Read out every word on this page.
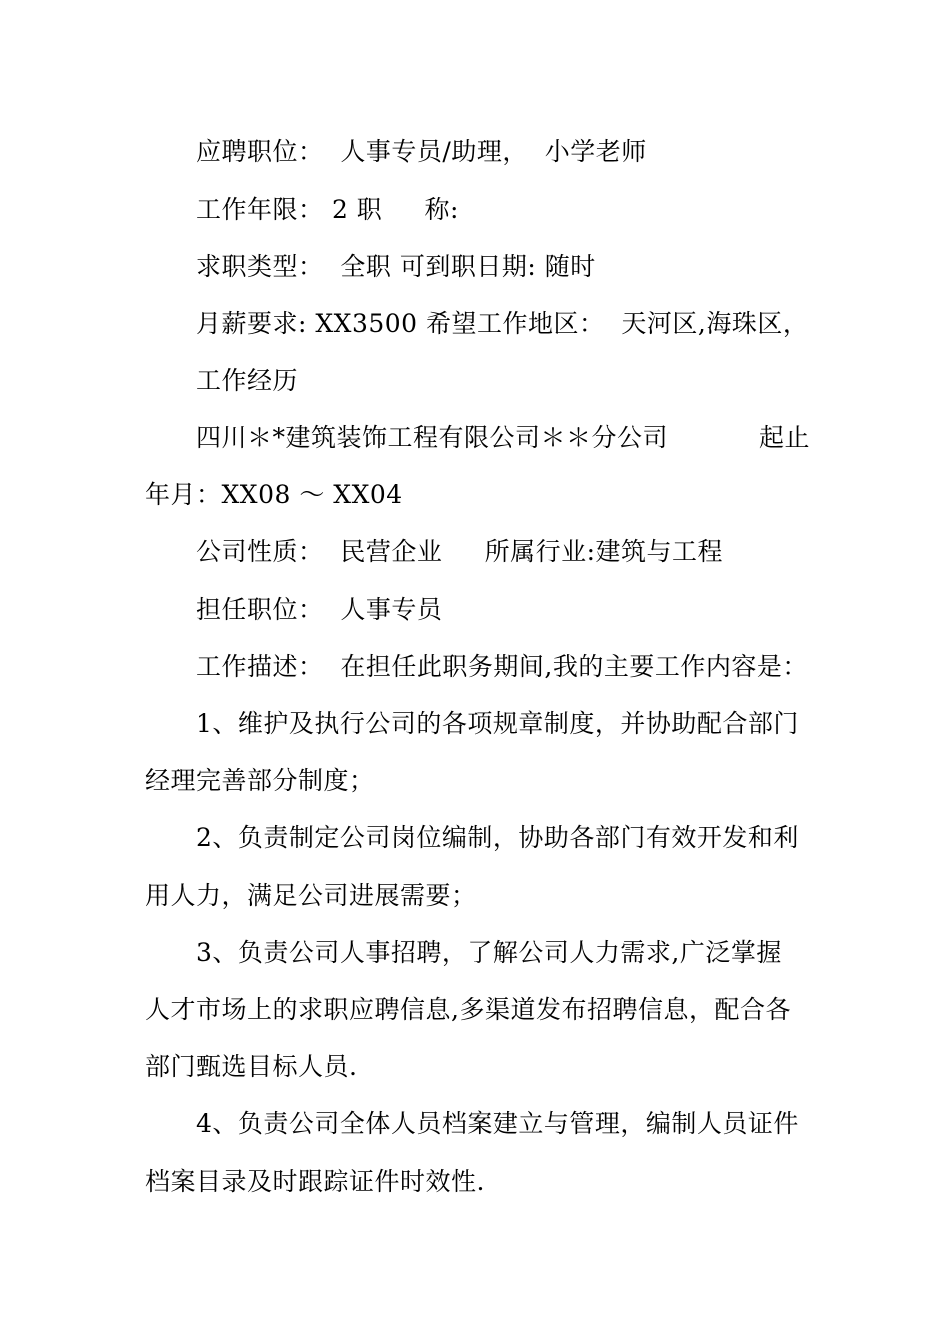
应聘职位：  人事专员/助理，  小学老师
工作年限： 2 职     称:
求职类型：  全职 可到职日期: 随时
月薪要求: XX3500 希望工作地区：  天河区,海珠区，
工作经历
四川＊*建筑装饰工程有限公司＊＊分公司	起止
年月：XX08 ～ XX04
公司性质：  民营企业     所属行业:建筑与工程
担任职位：  人事专员
工作描述：  在担任此职务期间,我的主要工作内容是：
1、维护及执行公司的各项规章制度，并协助配合部门
经理完善部分制度；
2、负责制定公司岗位编制，协助各部门有效开发和利
用人力，满足公司进展需要；
3、负责公司人事招聘，了解公司人力需求,广泛掌握
人才市场上的求职应聘信息,多渠道发布招聘信息，配合各
部门甄选目标人员.
4、负责公司全体人员档案建立与管理，编制人员证件
档案目录及时跟踪证件时效性.
